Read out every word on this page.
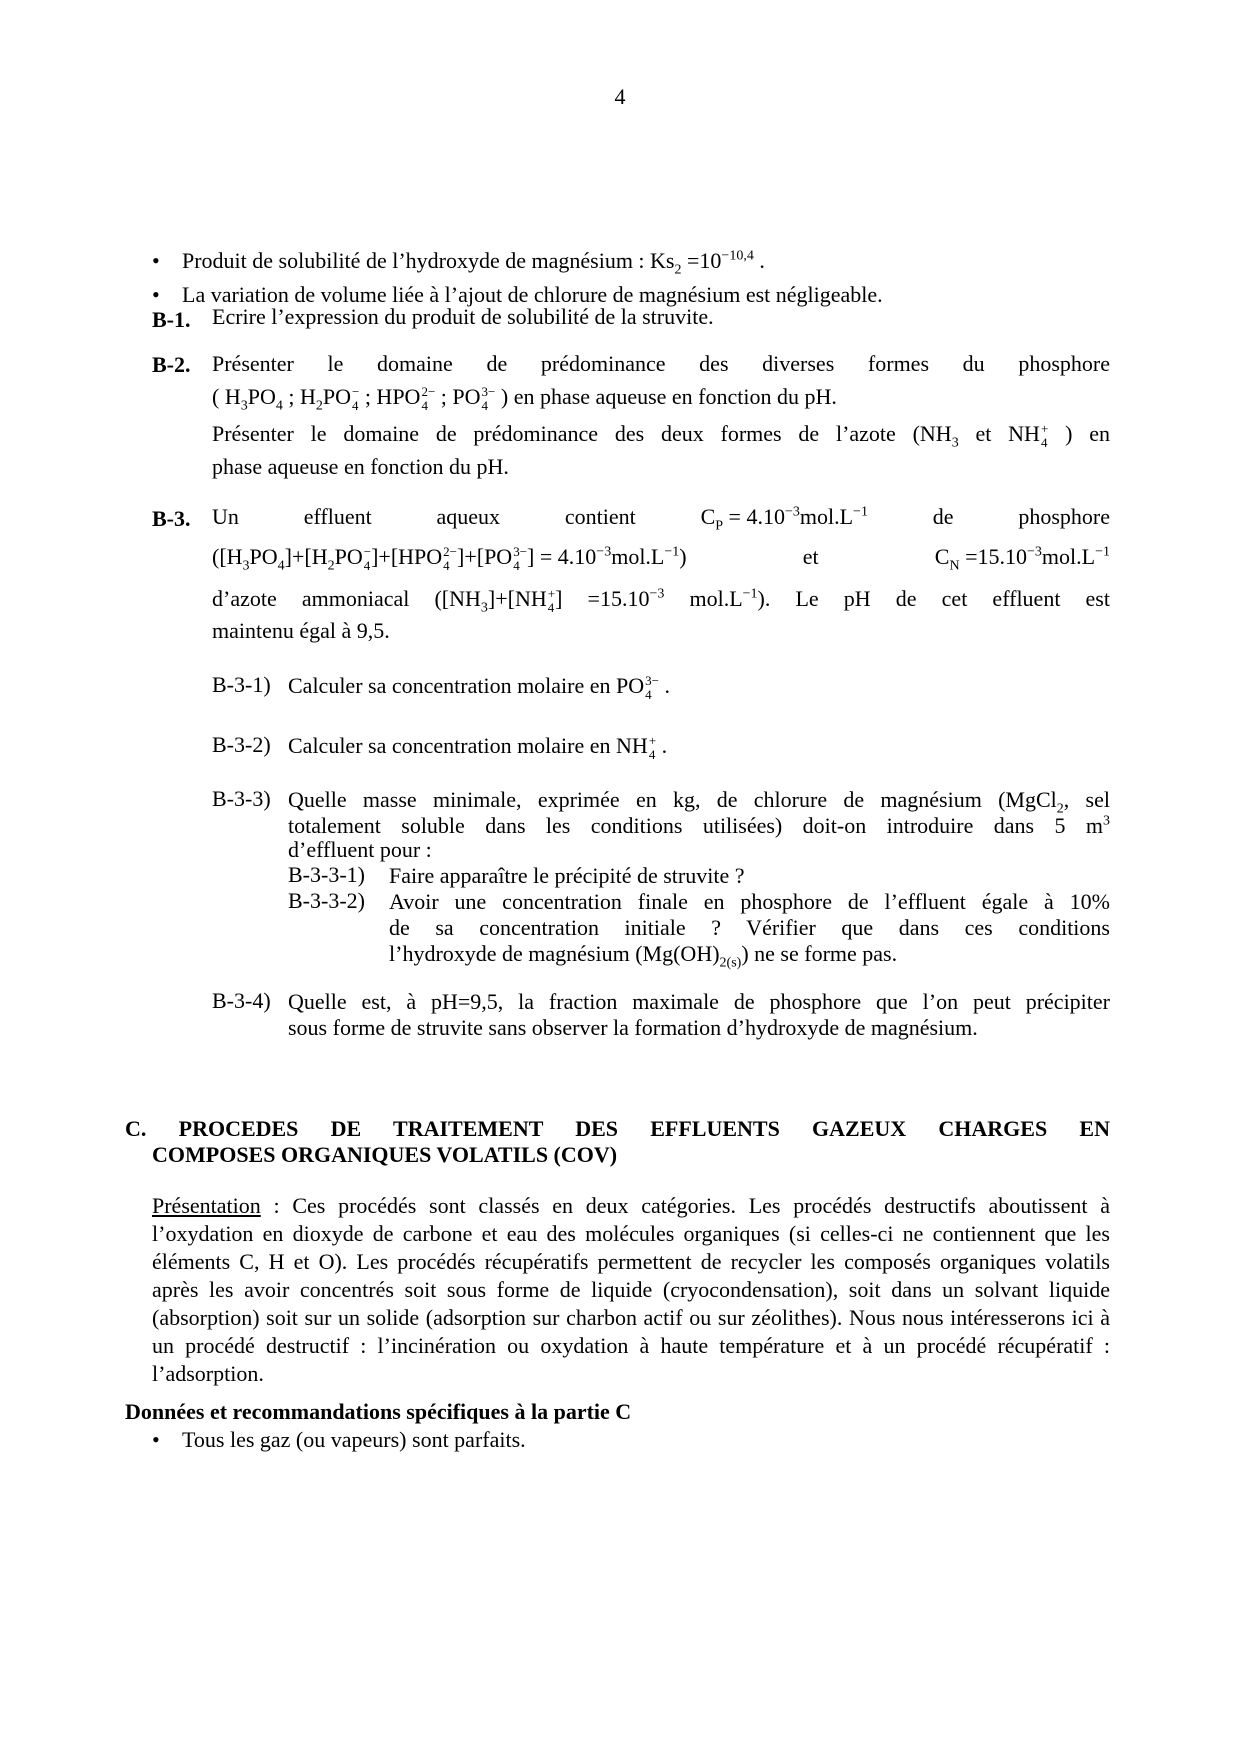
4
• Produit de solubilité de l’hydroxyde de magnésium : $Ks_2 =10^{-10,4}$ .
• La variation de volume liée à l’ajout de chlorure de magnésium est négligeable.
B-1. Ecrire l’expression du produit de solubilité de la struvite.
B-2. Présenter le domaine de prédominance des diverses formes du phosphore
( $H_3PO_4$ ; $H_2PO$ −
4 ; HPO 2−
4 ; PO 3−
4 ) en phase aqueuse en fonction du pH.
Présenter le domaine de prédominance des deux formes de l’azote ($NH_3$ et NH +
4 ) en
phase aqueuse en fonction du pH.
B-3. Un	effluent	aqueux	contient	$C_P = 4.10^{-3}mol.L^{-1}$	de	phosphore
($[H_3PO_4]+[H_2PO$ −
4 ]+[HPO 2−
4 ]+[PO 3−
4 ] = $4.10^{-3}mol.L^{-1}$)	et	$C_N =15.10^{-3}mol.L^{-1}$
d’azote ammoniacal ($[NH_3]+[NH$ +
4 ] $=15.10^{-3}$ $mol.L^{-1}$). Le pH de cet effluent est
maintenu égal à 9,5.
B-3-1) Calculer sa concentration molaire en PO 3−
4 .
B-3-2) Calculer sa concentration molaire en NH +
4 .
B-3-3) Quelle masse minimale, exprimée en kg, de chlorure de magnésium (MgCl$_2$, sel
totalement soluble dans les conditions utilisées) doit-on introduire dans 5 $m^3$
d’effluent pour :
B-3-3-1) Faire apparaître le précipité de struvite ?
B-3-3-2) Avoir une concentration finale en phosphore de l’effluent égale à 10%
de sa concentration initiale ? Vérifier que dans ces conditions
l’hydroxyde de magnésium $(Mg(OH)_{2(s)})$ ne se forme pas.
B-3-4) Quelle est, à pH=9,5, la fraction maximale de phosphore que l’on peut précipiter
sous forme de struvite sans observer la formation d’hydroxyde de magnésium.
C. PROCEDES DE TRAITEMENT DES EFFLUENTS GAZEUX CHARGES EN
COMPOSES ORGANIQUES VOLATILS (COV)
Présentation : Ces procédés sont classés en deux catégories. Les procédés destructifs aboutissent à l’oxydation en dioxyde de carbone et eau des molécules organiques (si celles-ci ne contiennent que les éléments C, H et O). Les procédés récupératifs permettent de recycler les composés organiques volatils après les avoir concentrés soit sous forme de liquide (cryocondensation), soit dans un solvant liquide (absorption) soit sur un solide (adsorption sur charbon actif ou sur zéolithes). Nous nous intéresserons ici à un procédé destructif : l’incinération ou oxydation à haute température et à un procédé récupératif : l’adsorption.
Données et recommandations spécifiques à la partie C
• Tous les gaz (ou vapeurs) sont parfaits.
